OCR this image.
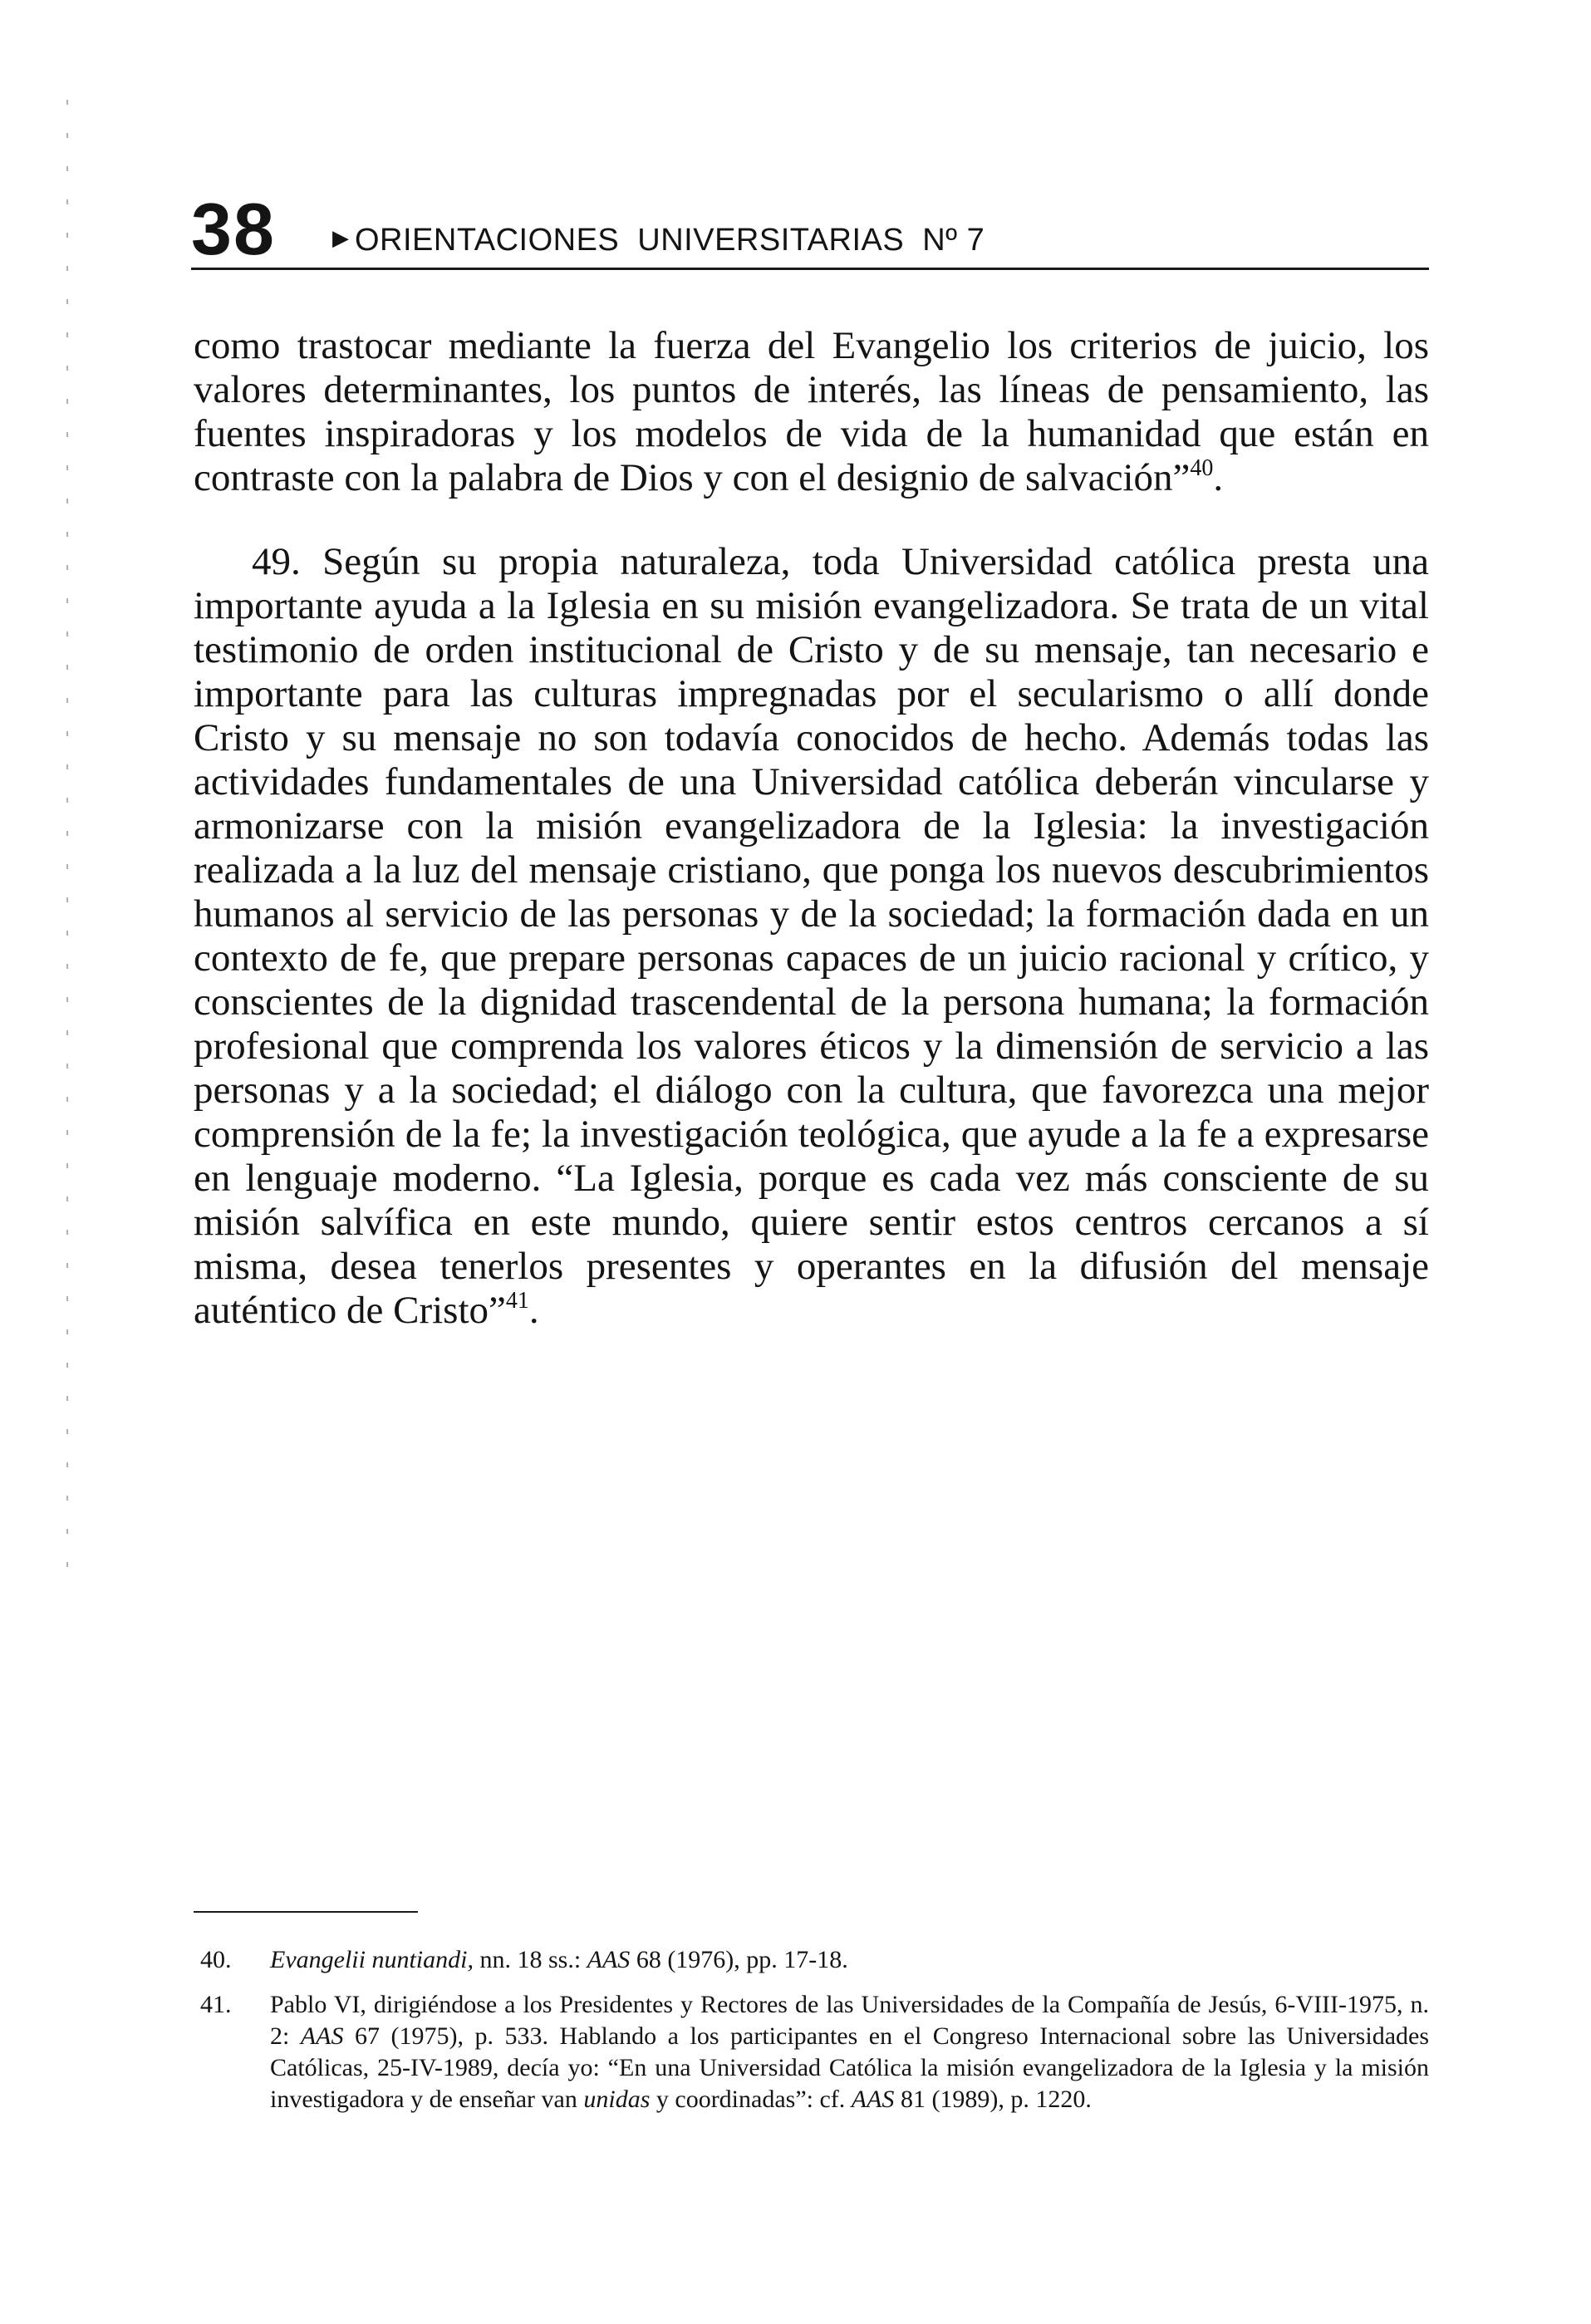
38	▶ ORIENTACIONES UNIVERSITARIAS Nº 7

como trastocar mediante la fuerza del Evangelio los criterios de juicio, los valores determinantes, los puntos de interés, las líneas de pensamiento, las fuentes inspiradoras y los modelos de vida de la humanidad que están en contraste con la palabra de Dios y con el designio de salvación”$^{40}$.

49. Según su propia naturaleza, toda Universidad católica presta una importante ayuda a la Iglesia en su misión evangelizadora. Se trata de un vital testimonio de orden institucional de Cristo y de su mensaje, tan necesario e importante para las culturas impregnadas por el secularismo o allí donde Cristo y su mensaje no son todavía conocidos de hecho. Además todas las actividades fundamentales de una Universidad católica deberán vincularse y armonizarse con la misión evangelizadora de la Iglesia: la investigación realizada a la luz del mensaje cristiano, que ponga los nuevos descubrimientos humanos al servicio de las personas y de la sociedad; la formación dada en un contexto de fe, que prepare personas capaces de un juicio racional y crítico, y conscientes de la dignidad trascendental de la persona humana; la formación profesional que comprenda los valores éticos y la dimensión de servicio a las personas y a la sociedad; el diálogo con la cultura, que favorezca una mejor comprensión de la fe; la investigación teológica, que ayude a la fe a expresarse en lenguaje moderno. “La Iglesia, porque es cada vez más consciente de su misión salvífica en este mundo, quiere sentir estos centros cercanos a sí misma, desea tenerlos presentes y operantes en la difusión del mensaje auténtico de Cristo”$^{41}$.

40. Evangelii nuntiandi, nn. 18 ss.: AAS 68 (1976), pp. 17-18.
41. Pablo VI, dirigiéndose a los Presidentes y Rectores de las Universidades de la Compañía de Jesús, 6-VIII-1975, n. 2: AAS 67 (1975), p. 533. Hablando a los participantes en el Congreso Internacional sobre las Universidades Católicas, 25-IV-1989, decía yo: “En una Universidad Católica la misión evangelizadora de la Iglesia y la misión investigadora y de enseñar van unidas y coordinadas”: cf. AAS 81 (1989), p. 1220.
